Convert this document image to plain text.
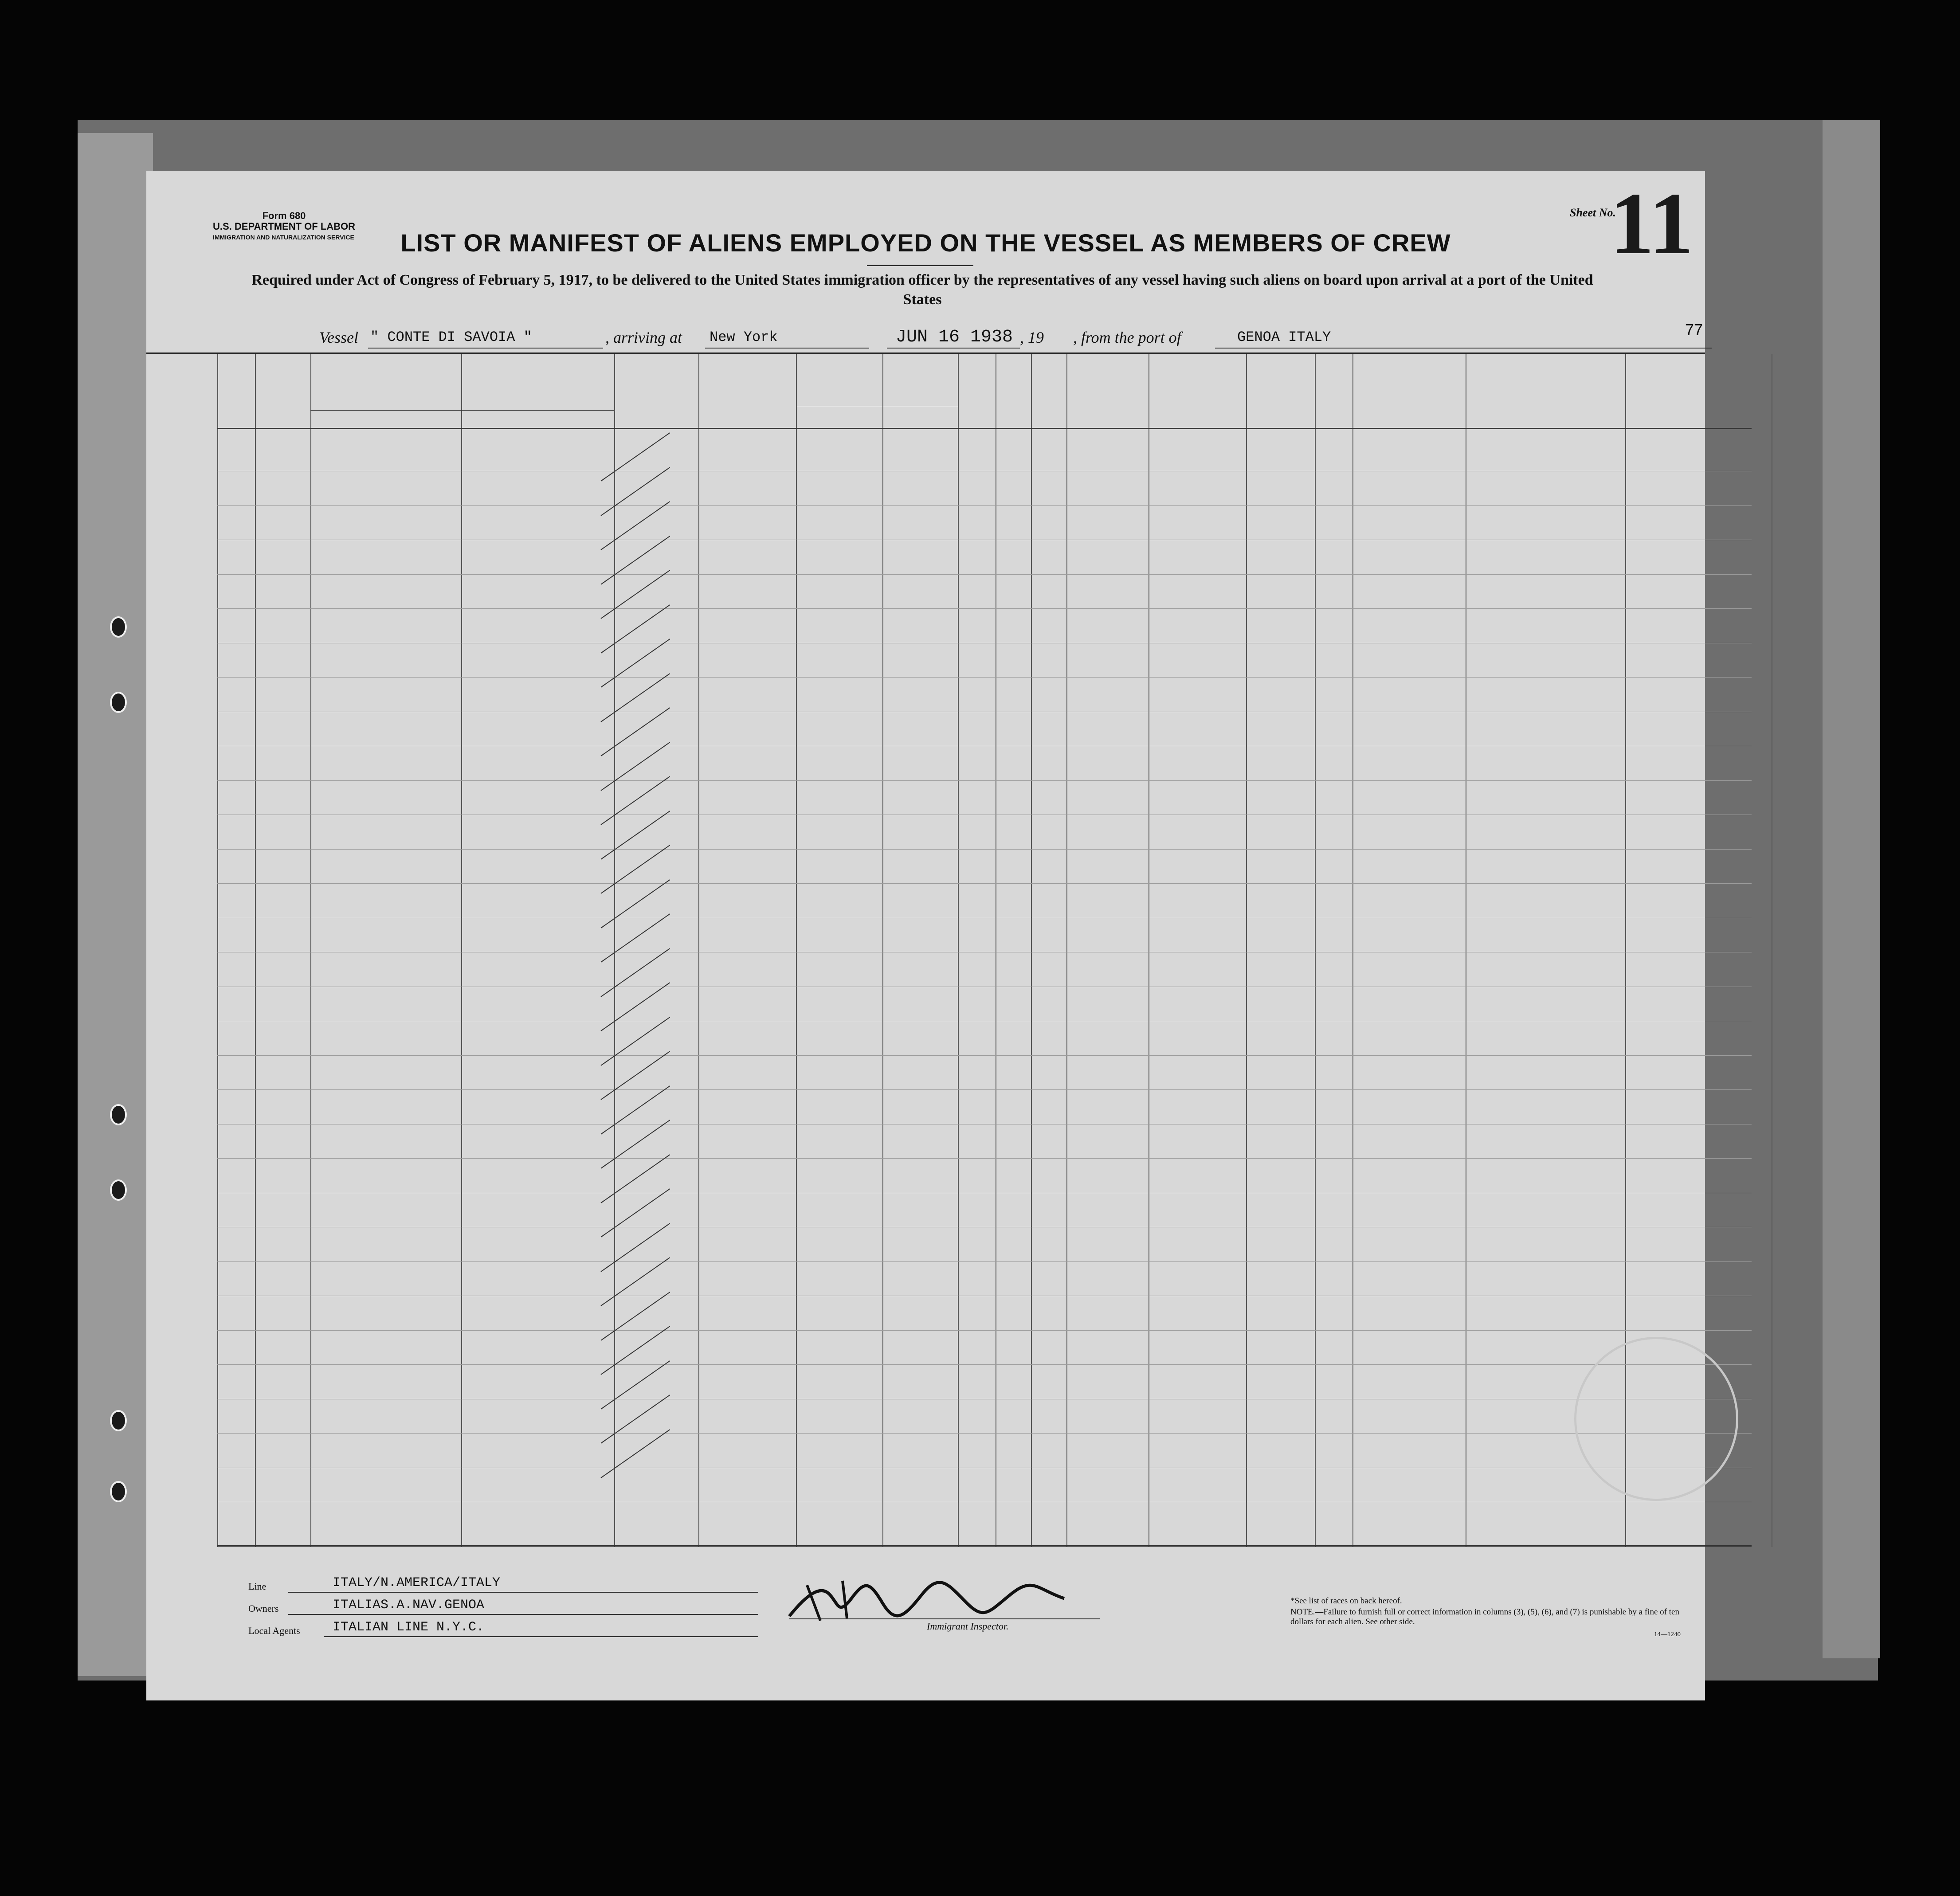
Form 680
U.S. DEPARTMENT OF LABOR
IMMIGRATION AND NATURALIZATION SERVICE	LIST OR MANIFEST OF ALIENS EMPLOYED ON THE VESSEL AS MEMBERS OF CREW
Required under Act of Congress of February 5, 1917, to be delivered to the United States immigration officer by the representatives of any vessel having such aliens on board upon arrival at a port of the United States
Sheet No.
11
77
Vessel " CONTE DI SAVOIA "	, arriving at New York	JUN 16 1938 , 19 , from the port of	GENOA ITALY
Line	ITALY/N.AMERICA/ITALY
Owners	ITALIAS.A.NAV.GENOA
Local Agents ITALIAN LINE N.Y.C.	Immigrant Inspector.
*See list of races on back hereof.
NOTE.—Failure to furnish full or correct information in columns (3), (5), (6), and (7) is punishable by a fine of ten dollars for each alien. See other side.
14—1240
